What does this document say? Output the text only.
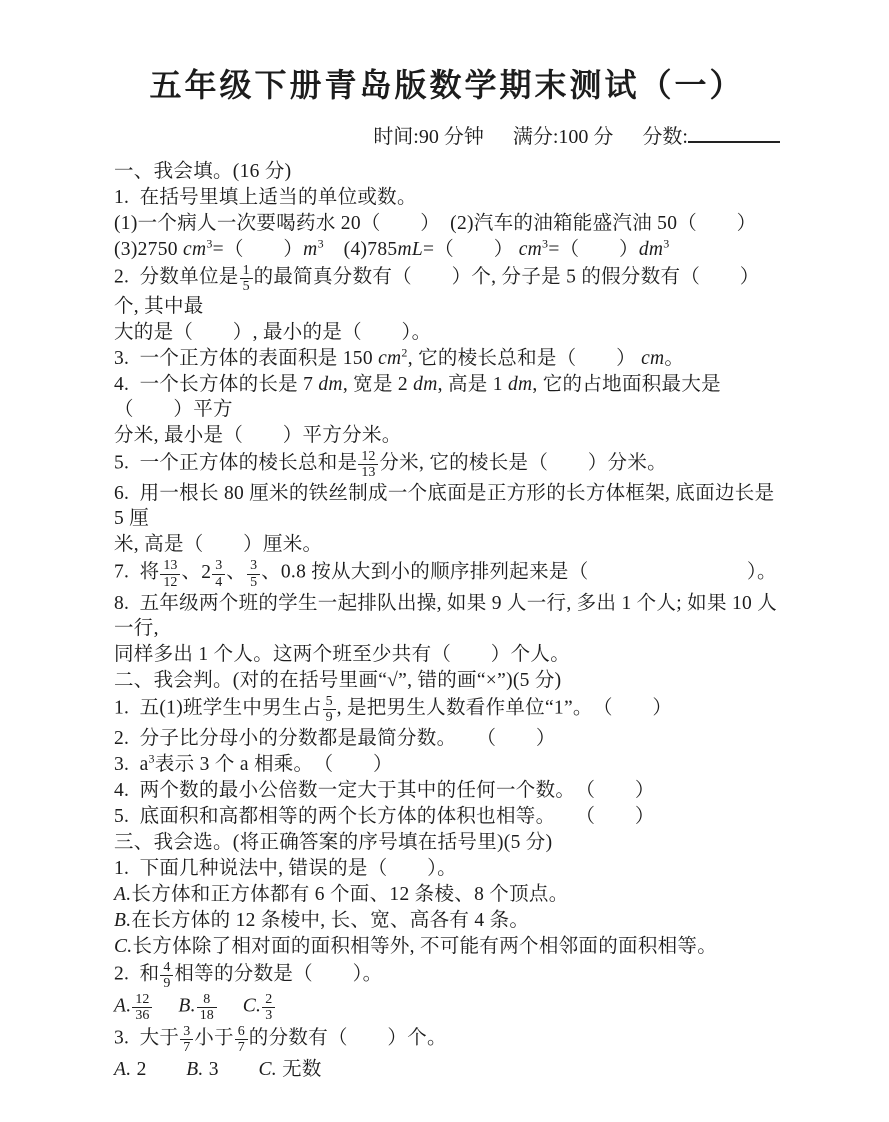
五年级下册青岛版数学期末测试（一）
时间:90 分钟 满分:100 分 分数:
一、我会填。(16 分)
1.  在括号里填上适当的单位或数。
(1)一个病人一次要喝药水 20（　　）　(2)汽车的油箱能盛汽油 50（　　）
(3)2750 $cm^3=$（　　）$m^3$　(4)785mL=（　　） $cm^3=$（　　）$dm^3$
2.  分数单位是 $\frac{1}{5}$ 的最简真分数有（　　）个, 分子是 5 的假分数有（　　）个, 其中最
大的是（　　）, 最小的是（　　）。
3.  一个正方体的表面积是 150 $cm^2$, 它的棱长总和是（　　） cm。
4.  一个长方体的长是 7 dm, 宽是 2 dm, 高是 1 dm, 它的占地面积最大是（　　）平方
分米, 最小是（　　）平方分米。
5.  一个正方体的棱长总和是 $\frac{12}{13}$ 分米, 它的棱长是（　　）分米。
6.  用一根长 80 厘米的铁丝制成一个底面是正方形的长方体框架, 底面边长是 5 厘
米, 高是（　　）厘米。
7.  将 $\frac{13}{12}$ 、$2 \frac{3}{4}$ 、 $\frac{3}{5}$ 、0.8 按从大到小的顺序排列起来是（　　　　　　　　）。
8.  五年级两个班的学生一起排队出操, 如果 9 人一行, 多出 1 个人; 如果 10 人一行,
同样多出 1 个人。这两个班至少共有（　　）个人。
二、我会判。(对的在括号里画“√”, 错的画“×”)(5 分)
1.  五(1)班学生中男生占 $\frac{5}{9}$ , 是把男生人数看作单位“1”。　（　　）
2.  分子比分母小的分数都是最简分数。　　（　　）
3.  $a^3$表示 3 个 a 相乘。　（　　）
4.  两个数的最小公倍数一定大于其中的任何一个数。　（　　）
5.  底面积和高都相等的两个长方体的体积也相等。　　（　　）
三、我会选。(将正确答案的序号填在括号里)(5 分)
1.  下面几种说法中, 错误的是（　　）。
A.长方体和正方体都有 6 个面、12 条棱、8 个顶点。
B.在长方体的 12 条棱中, 长、宽、高各有 4 条。
C.长方体除了相对面的面积相等外, 不可能有两个相邻面的面积相等。
2.  和 $\frac{4}{9}$ 相等的分数是（　　）。
A. $\frac{12}{36}$
　 B. $\frac{8}{18}$
　 C. $\frac{2}{3}$
3.  大于 $\frac{3}{7}$ 小于 $\frac{6}{7}$ 的分数有（　　）个。
A. 2　　B. 3　　C. 无数
